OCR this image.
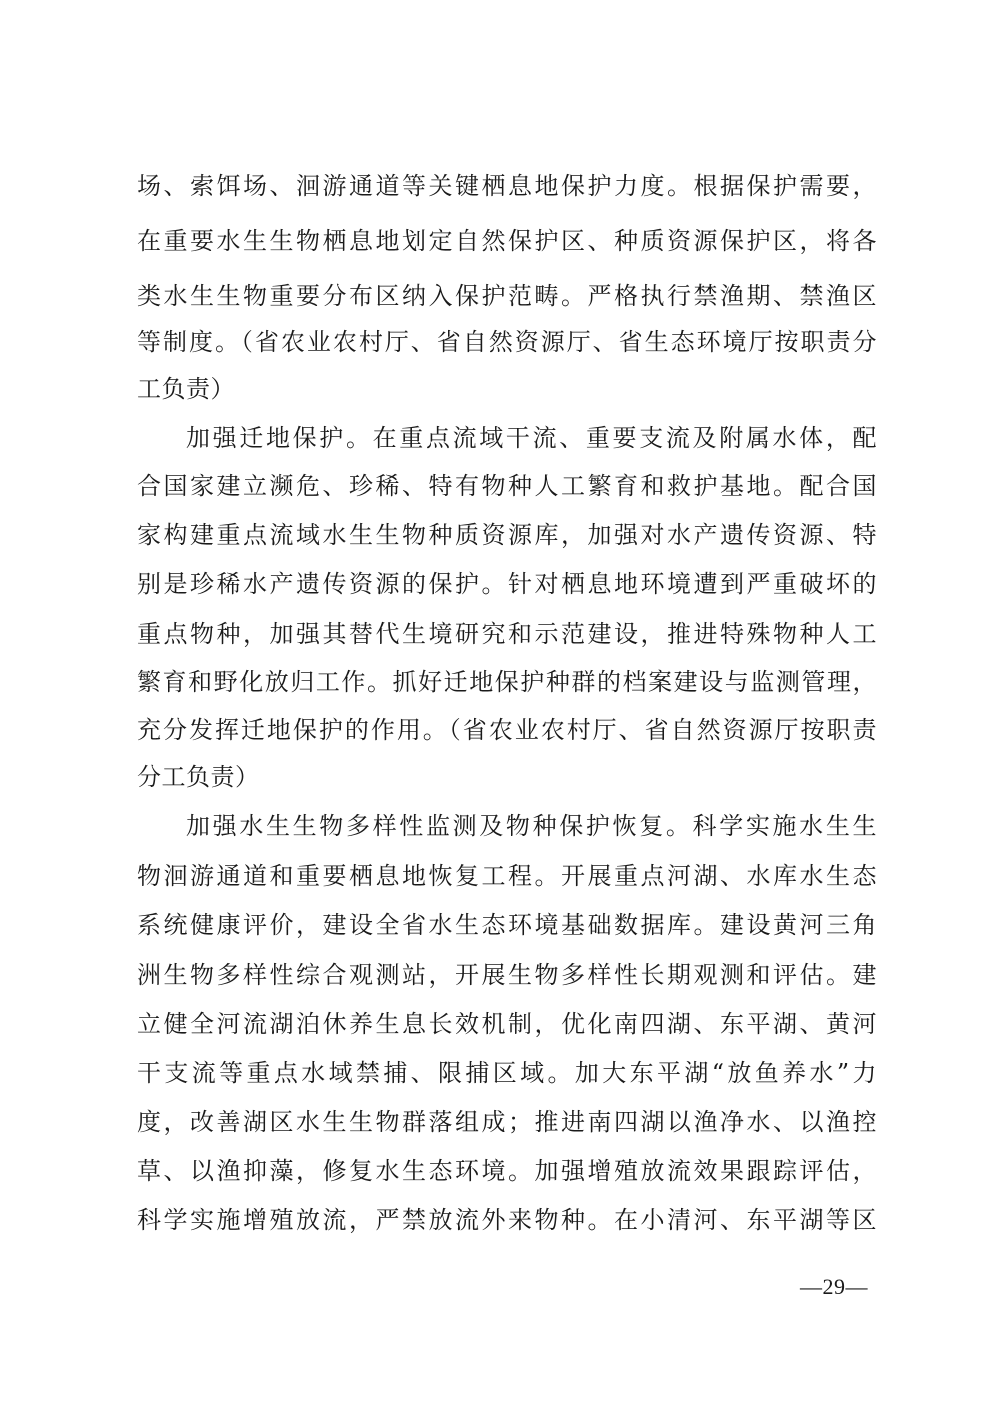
场、索饵场、洄游通道等关键栖息地保护力度。根据保护需要，
在重要水生生物栖息地划定自然保护区、种质资源保护区，将各
类水生生物重要分布区纳入保护范畴。严格执行禁渔期、禁渔区
等制度。（省农业农村厅、省自然资源厅、省生态环境厅按职责分
工负责）
加强迁地保护。在重点流域干流、重要支流及附属水体，配
合国家建立濒危、珍稀、特有物种人工繁育和救护基地。配合国
家构建重点流域水生生物种质资源库，加强对水产遗传资源、特
别是珍稀水产遗传资源的保护。针对栖息地环境遭到严重破坏的
重点物种，加强其替代生境研究和示范建设，推进特殊物种人工
繁育和野化放归工作。抓好迁地保护种群的档案建设与监测管理，
充分发挥迁地保护的作用。（省农业农村厅、省自然资源厅按职责
分工负责）
加强水生生物多样性监测及物种保护恢复。科学实施水生生
物洄游通道和重要栖息地恢复工程。开展重点河湖、水库水生态
系统健康评价，建设全省水生态环境基础数据库。建设黄河三角
洲生物多样性综合观测站，开展生物多样性长期观测和评估。建
立健全河流湖泊休养生息长效机制，优化南四湖、东平湖、黄河
干支流等重点水域禁捕、限捕区域。加大东平湖“放鱼养水”力
度，改善湖区水生生物群落组成；推进南四湖以渔净水、以渔控
草、以渔抑藻，修复水生态环境。加强增殖放流效果跟踪评估，
科学实施增殖放流，严禁放流外来物种。在小清河、东平湖等区
—29—
